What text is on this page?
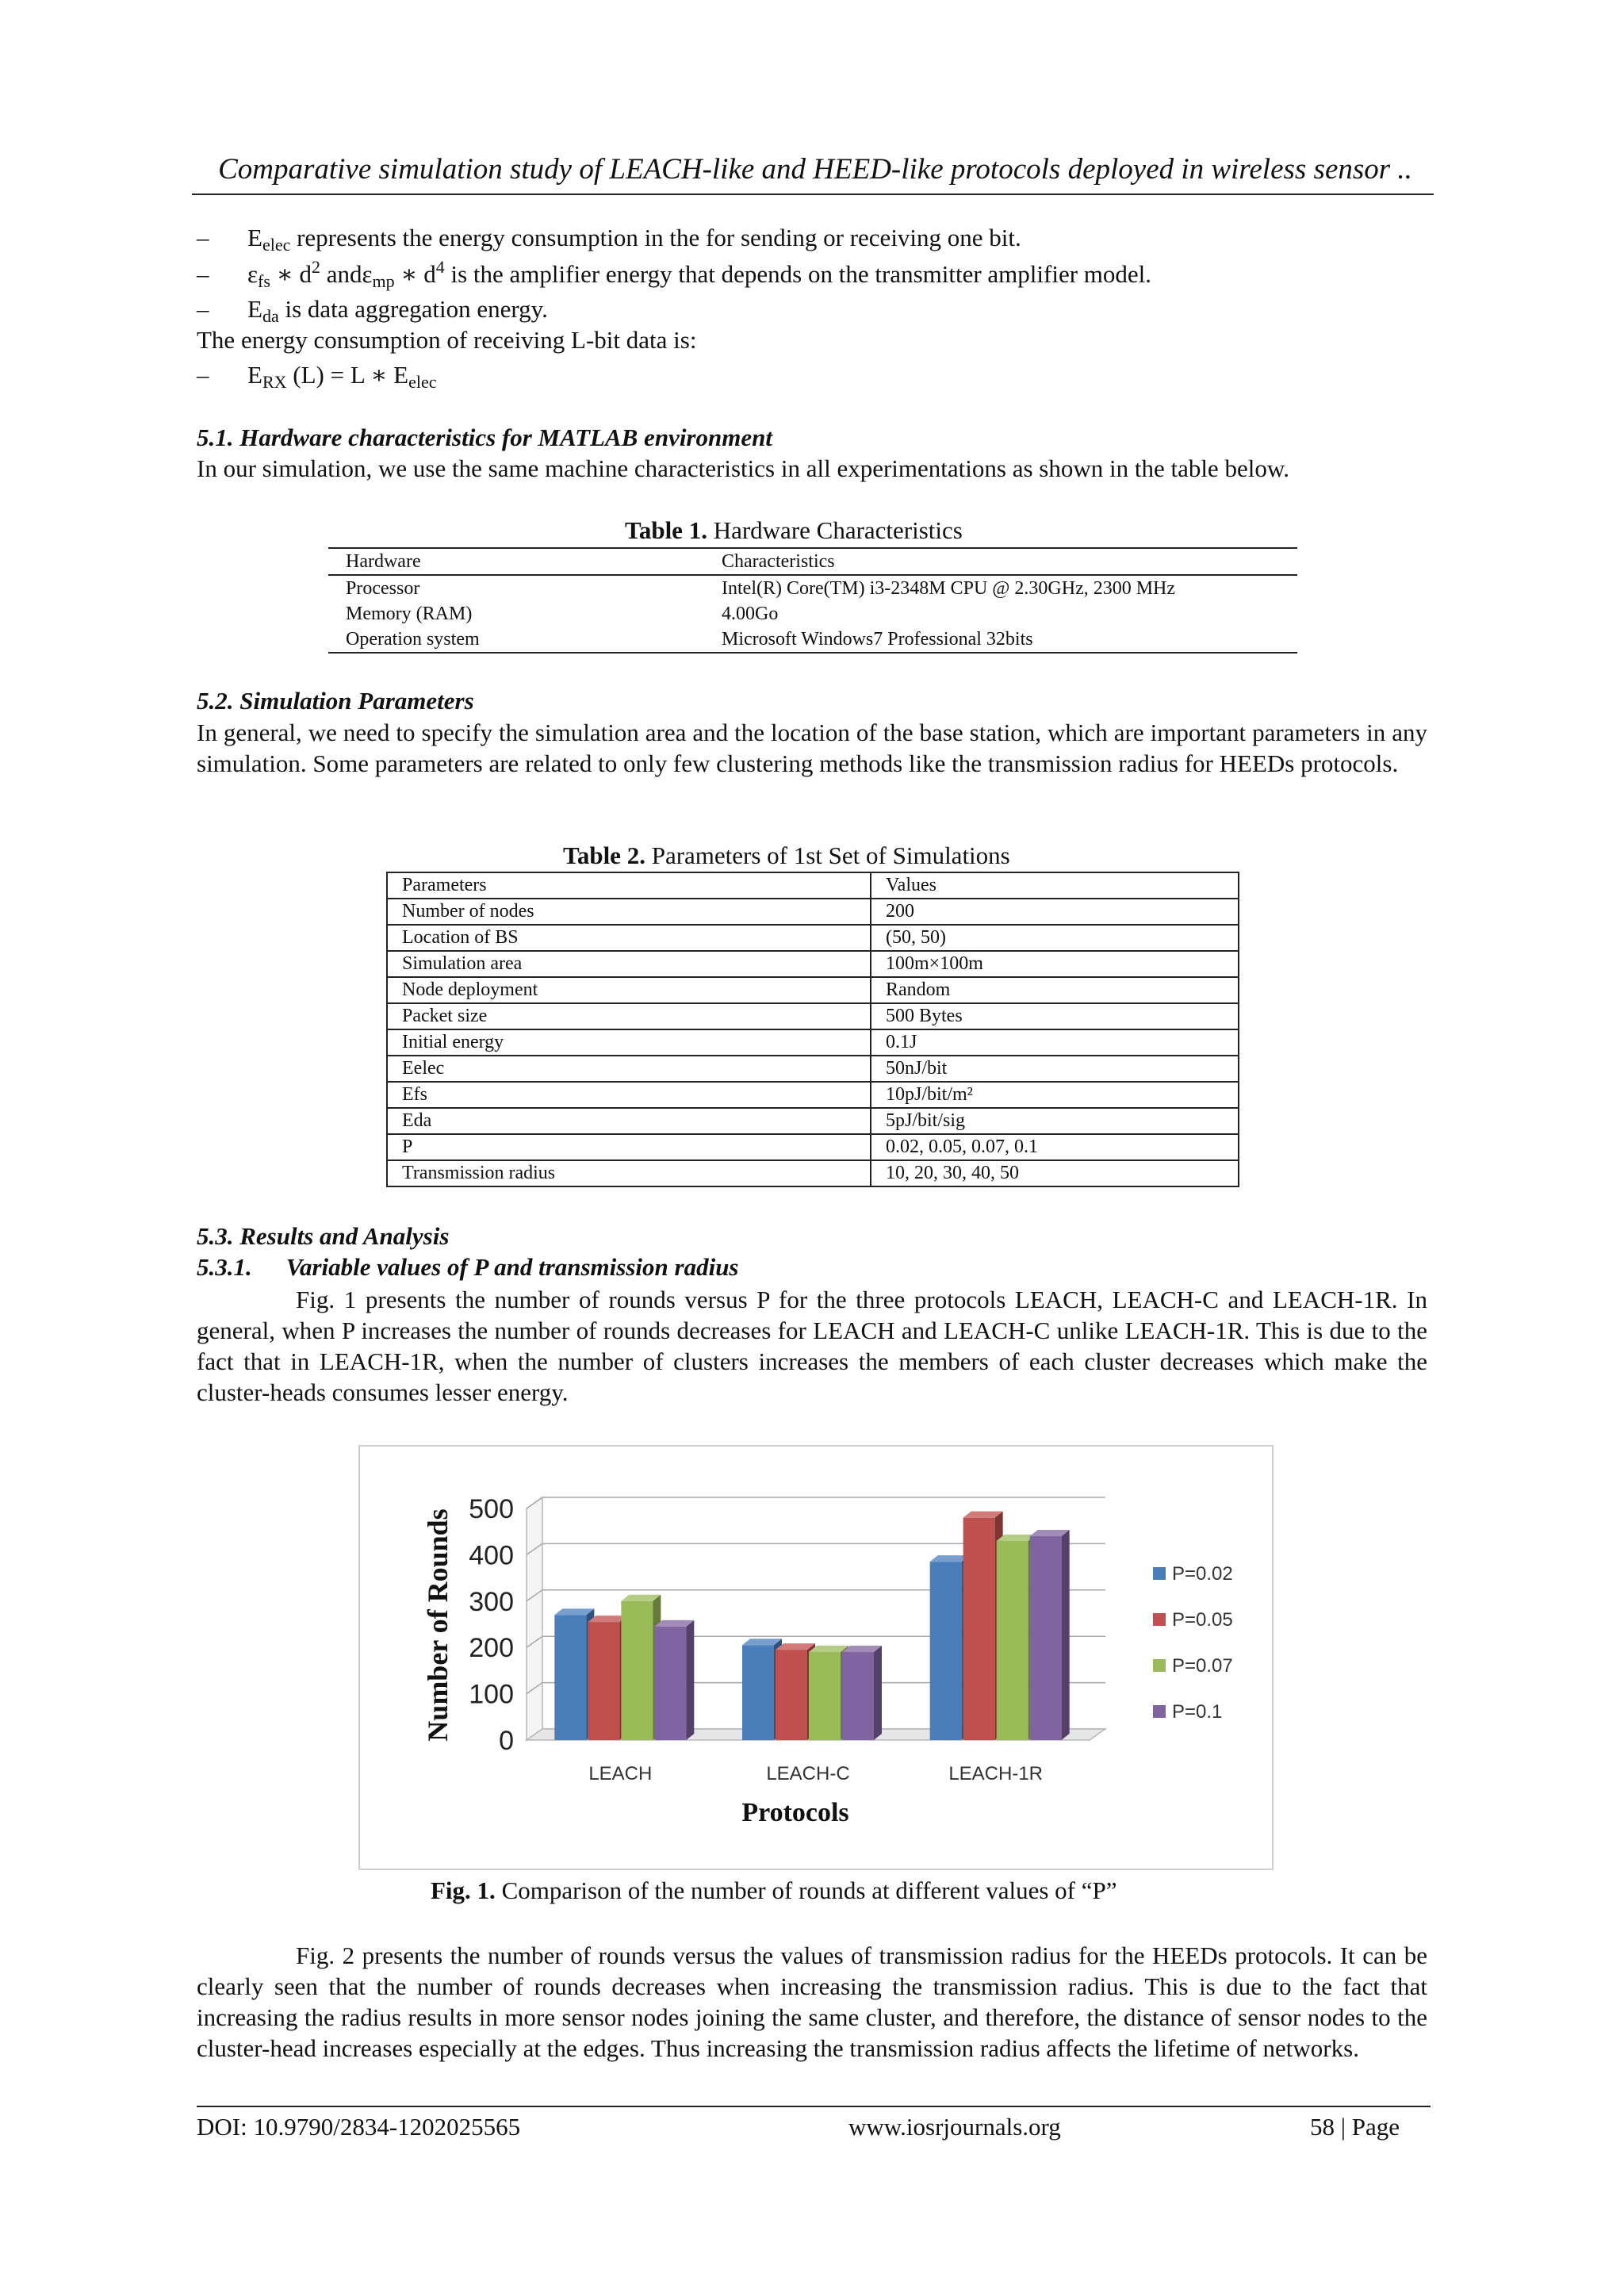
Comparative simulation study of LEACH-like and HEED-like protocols deployed in wireless sensor ..
– $E_{elec}$ represents the energy consumption in the for sending or receiving one bit.
– $\varepsilon_{fs}$ ∗ $d^2$ andε$_{mp}$ ∗ $d^4$ is the amplifier energy that depends on the transmitter amplifier model.
– $E_{da}$ is data aggregation energy.
The energy consumption of receiving L-bit data is:
– $E_{RX}$ (L) = L ∗ $E_{elec}$
5.1. Hardware characteristics for MATLAB environment
In our simulation, we use the same machine characteristics in all experimentations as shown in the table below.
Table 1. Hardware Characteristics
Hardware	Characteristics
Processor	Intel(R) Core(TM) i3-2348M CPU @ 2.30GHz, 2300 MHz
Memory (RAM)	4.00Go
Operation system	Microsoft Windows7 Professional 32bits
5.2. Simulation Parameters
In general, we need to specify the simulation area and the location of the base station, which are important parameters in any simulation. Some parameters are related to only few clustering methods like the transmission radius for HEEDs protocols.
Table 2. Parameters of 1st Set of Simulations
Parameters	Values
Number of nodes	200
Location of BS	(50, 50)
Simulation area	100m×100m
Node deployment	Random
Packet size	500 Bytes
Initial energy	0.1J
Eelec	50nJ/bit
Efs	10pJ/bit/m²
Eda	5pJ/bit/sig
P	0.02, 0.05, 0.07, 0.1
Transmission radius	10, 20, 30, 40, 50
5.3. Results and Analysis
5.3.1. Variable values of P and transmission radius
Fig. 1 presents the number of rounds versus P for the three protocols LEACH, LEACH-C and LEACH-1R. In general, when P increases the number of rounds decreases for LEACH and LEACH-C unlike LEACH-1R. This is due to the fact that in LEACH-1R, when the number of clusters increases the members of each cluster decreases which make the cluster-heads consumes lesser energy.
0
100
200
300
400
500
LEACH	LEACH-C	LEACH-1R
P=0.02
P=0.05
P=0.07
P=0.1
Number of Rounds
Protocols
Fig. 1. Comparison of the number of rounds at different values of “P”
Fig. 2 presents the number of rounds versus the values of transmission radius for the HEEDs protocols. It can be clearly seen that the number of rounds decreases when increasing the transmission radius. This is due to the fact that increasing the radius results in more sensor nodes joining the same cluster, and therefore, the distance of sensor nodes to the cluster-head increases especially at the edges. Thus increasing the transmission radius affects the lifetime of networks.
DOI: 10.9790/2834-1202025565	www.iosrjournals.org	58 | Page
